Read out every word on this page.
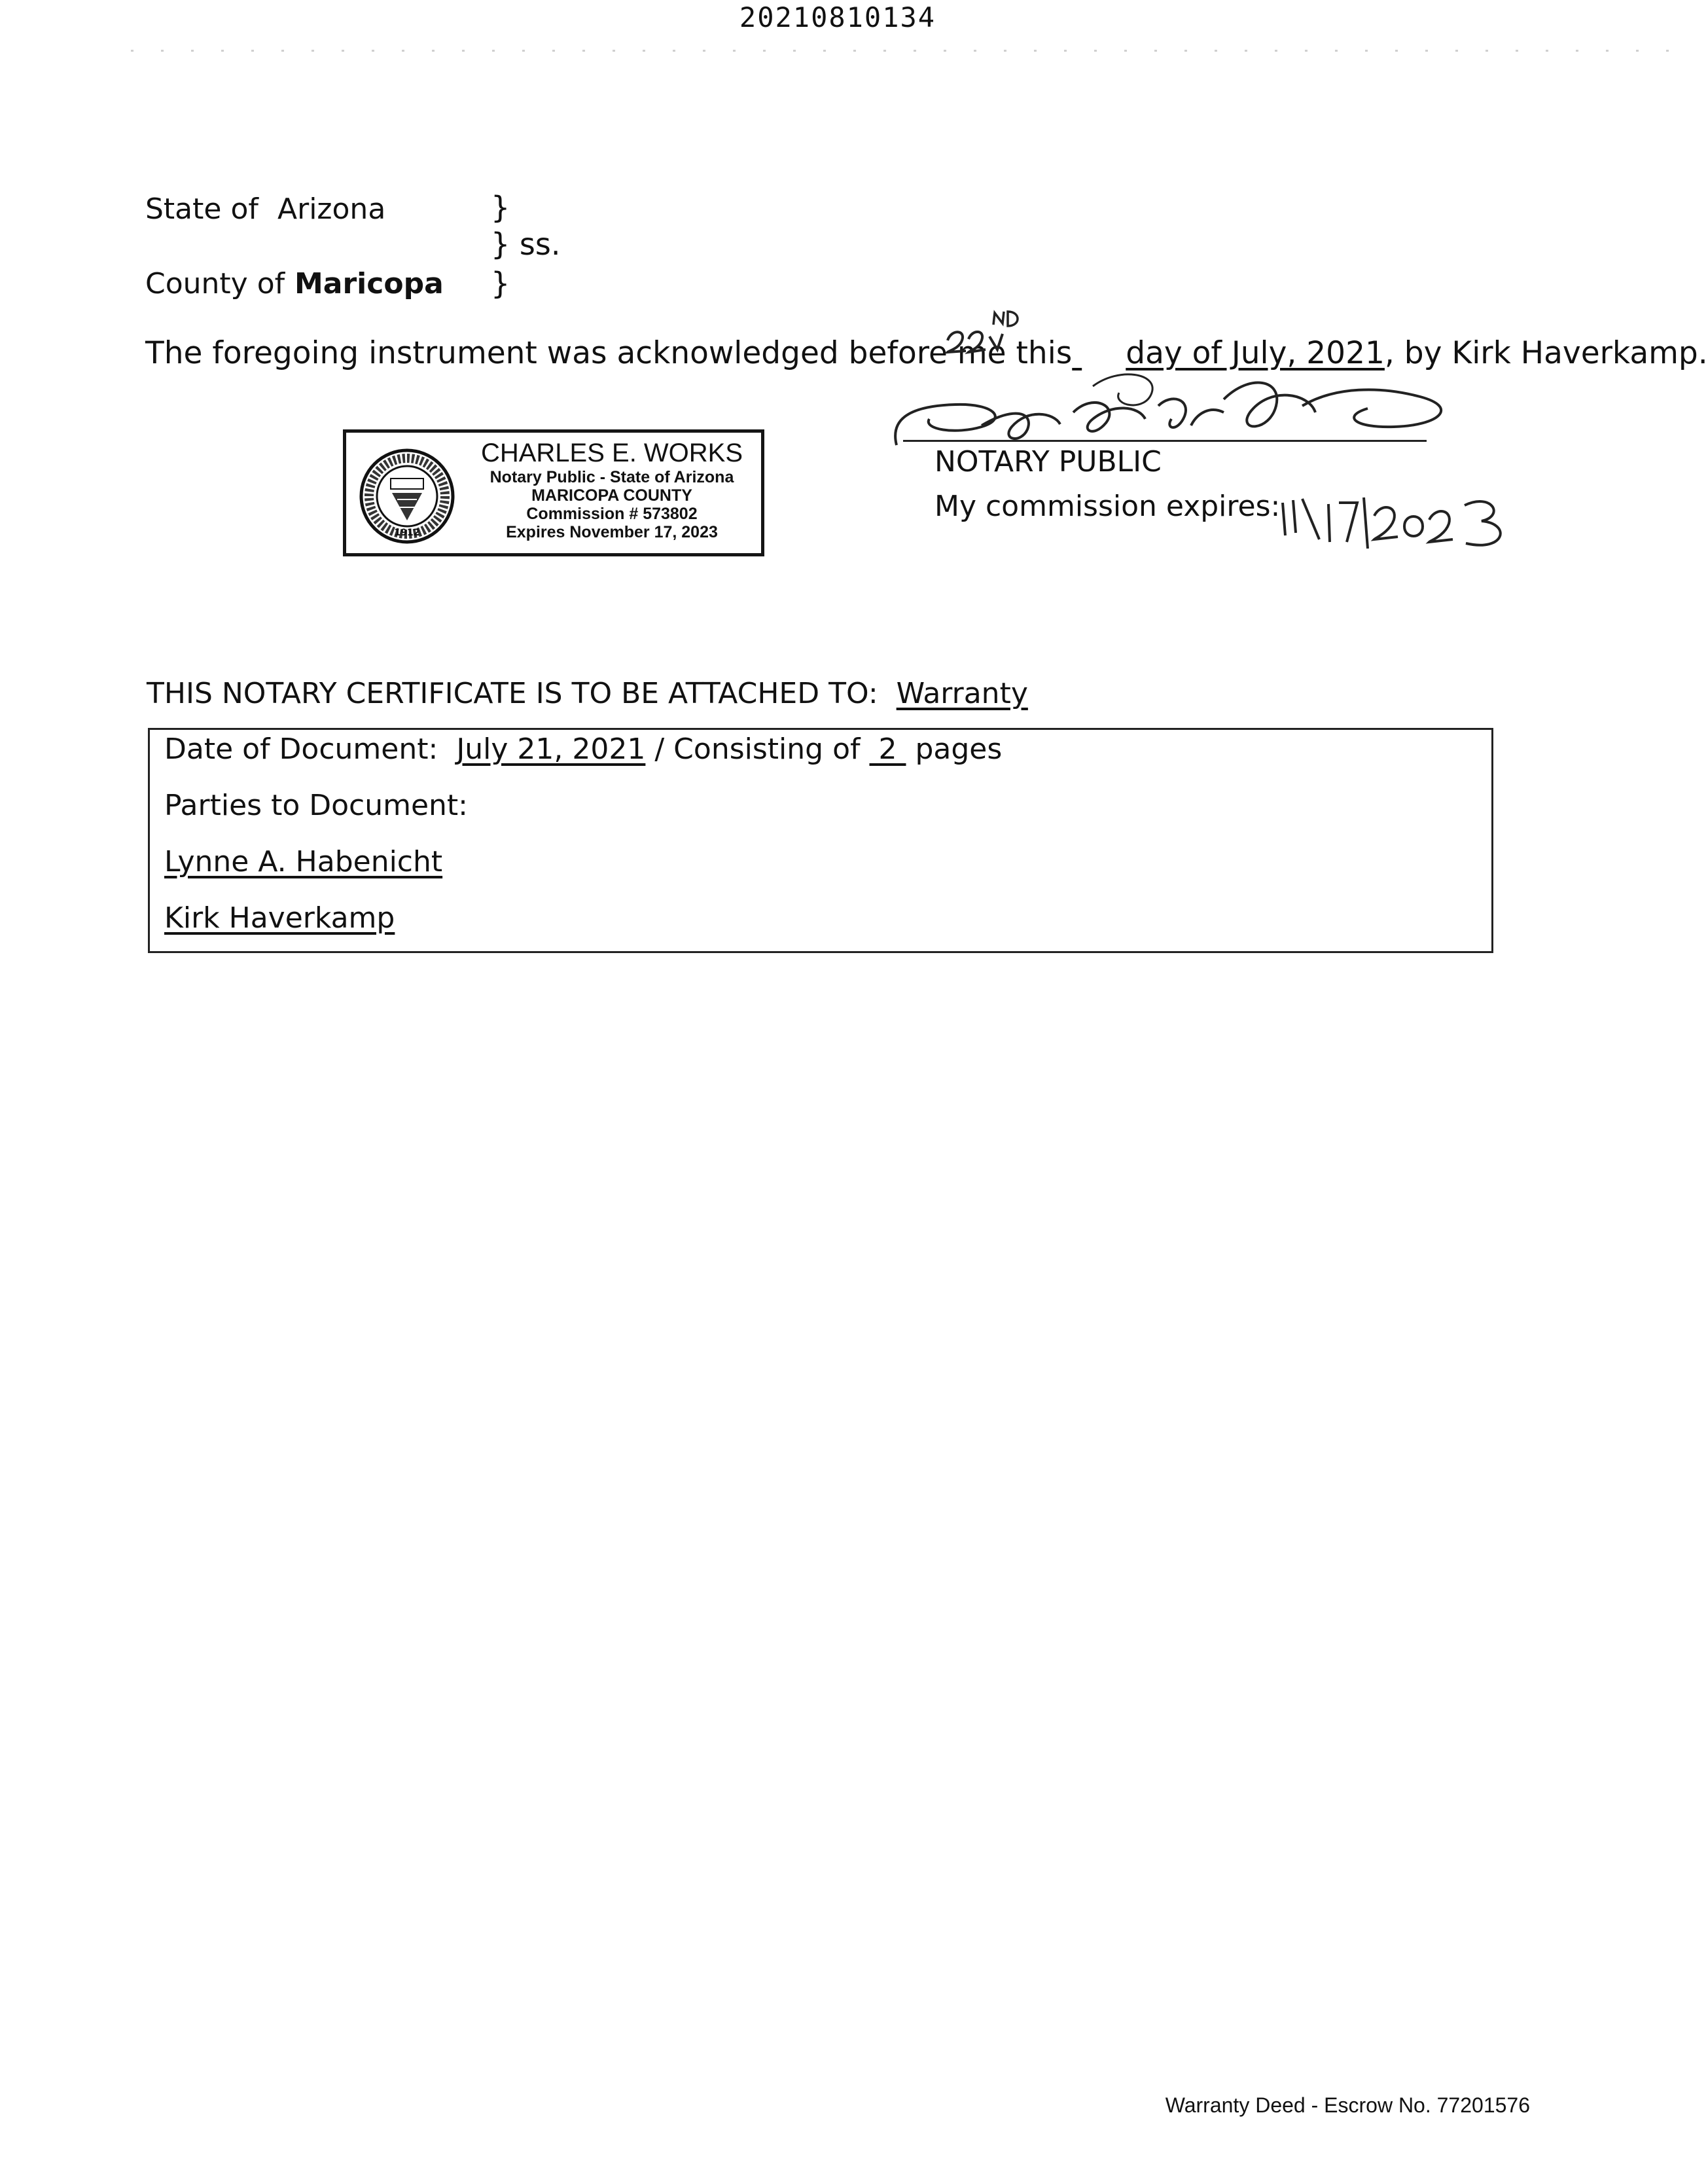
20210810134
State of Arizona	}
} ss.
County of Maricopa }
The foregoing instrument was acknowledged before me this day of July, 2021, by Kirk Haverkamp.
1912
CHARLES E. WORKS
Notary Public - State of Arizona
MARICOPA COUNTY
Commission # 573802
Expires November 17, 2023
NOTARY PUBLIC
My commission expires:
THIS NOTARY CERTIFICATE IS TO BE ATTACHED TO: Warranty
Date of Document: July 21, 2021 / Consisting of 2 pages
Parties to Document:
Lynne A. Habenicht
Kirk Haverkamp
Warranty Deed - Escrow No. 77201576
